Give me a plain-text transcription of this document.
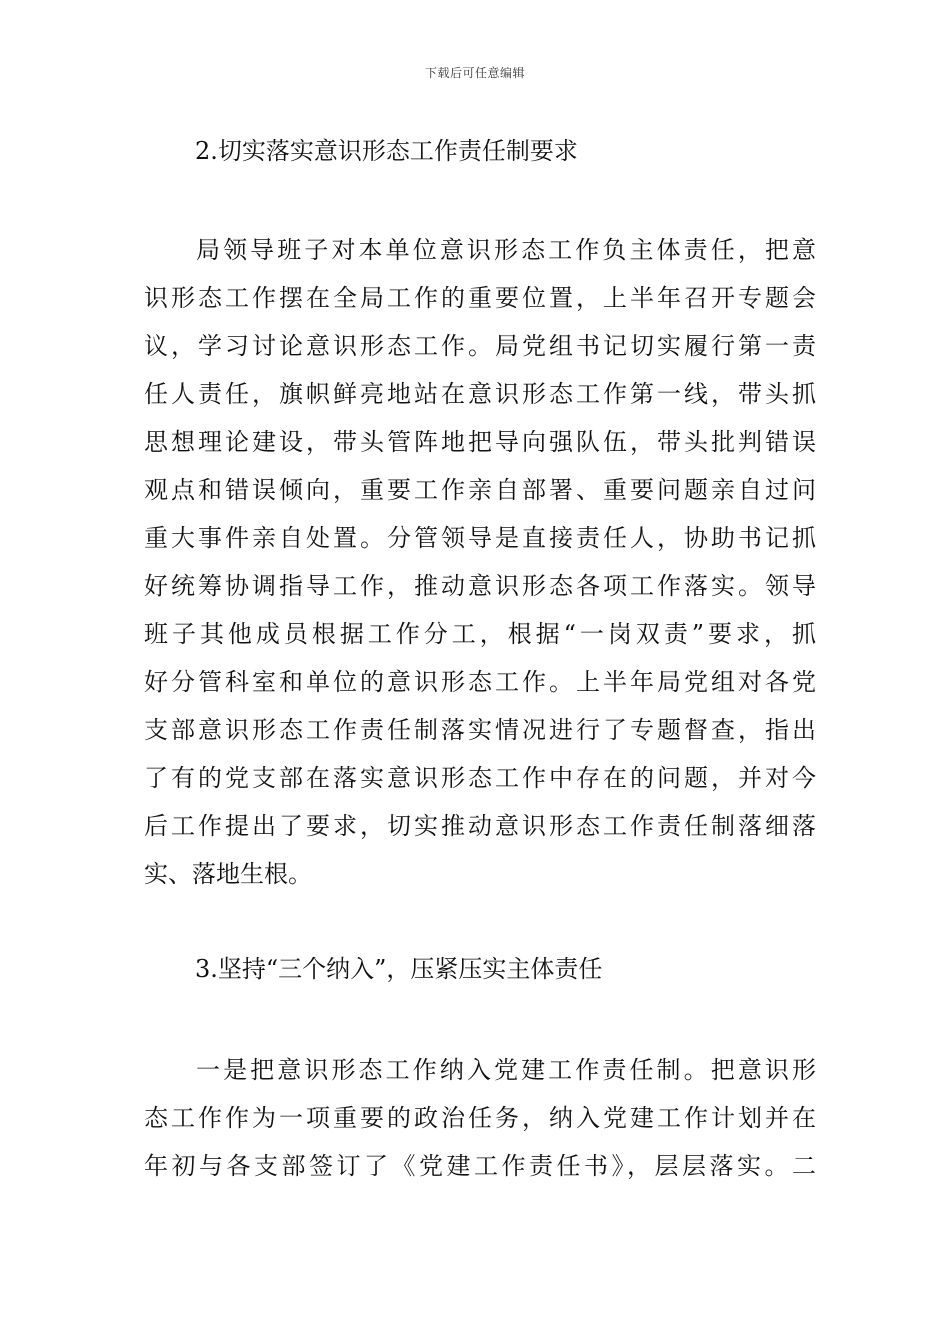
下载后可任意编辑
2.切实落实意识形态工作责任制要求
局领导班子对本单位意识形态工作负主体责任，把意
识形态工作摆在全局工作的重要位置，上半年召开专题会
议，学习讨论意识形态工作。局党组书记切实履行第一责
任人责任，旗帜鲜亮地站在意识形态工作第一线，带头抓
思想理论建设，带头管阵地把导向强队伍，带头批判错误
观点和错误倾向，重要工作亲自部署、重要问题亲自过问
重大事件亲自处置。分管领导是直接责任人，协助书记抓
好统筹协调指导工作，推动意识形态各项工作落实。领导
班子其他成员根据工作分工，根据“一岗双责”要求，抓
好分管科室和单位的意识形态工作。上半年局党组对各党
支部意识形态工作责任制落实情况进行了专题督查，指出
了有的党支部在落实意识形态工作中存在的问题，并对今
后工作提出了要求，切实推动意识形态工作责任制落细落
实、落地生根。
3.坚持“三个纳入”，压紧压实主体责任
一是把意识形态工作纳入党建工作责任制。把意识形
态工作作为一项重要的政治任务，纳入党建工作计划并在
年初与各支部签订了《党建工作责任书》，层层落实。二
